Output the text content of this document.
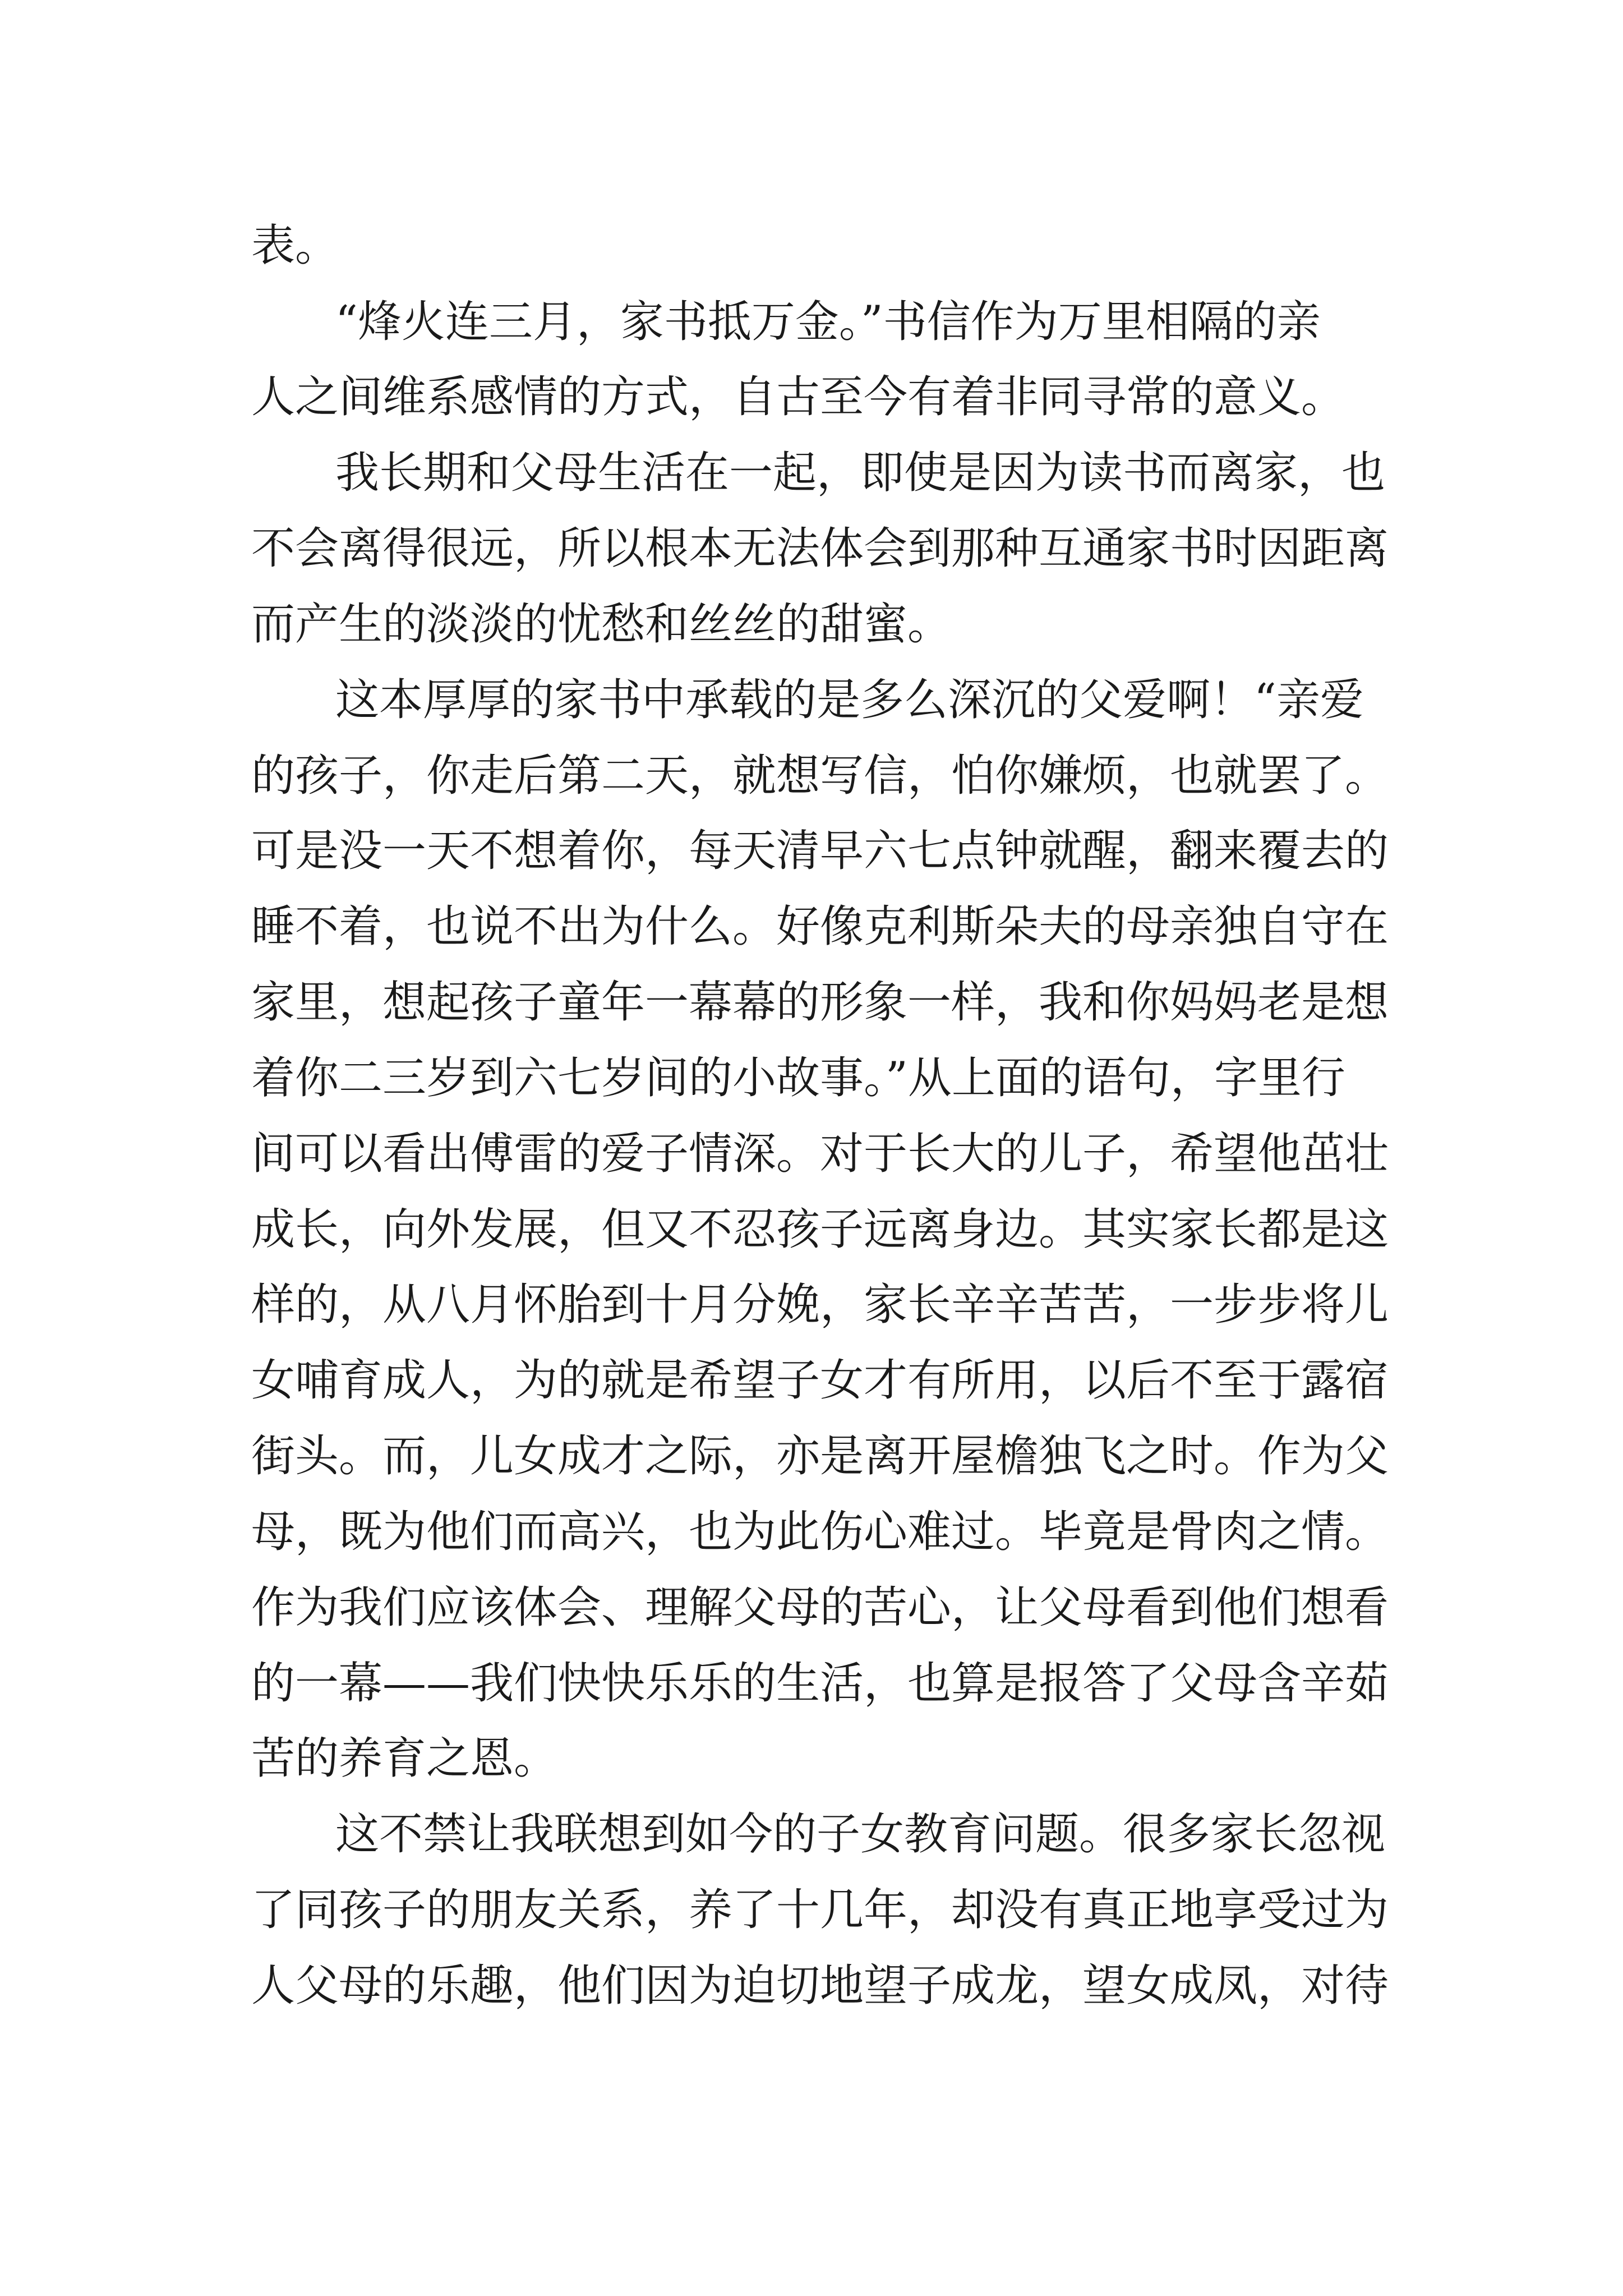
表。
“烽火连三月，家书抵万金。”书信作为万里相隔的亲
人之间维系感情的方式，自古至今有着非同寻常的意义。
我长期和父母生活在一起，即使是因为读书而离家，也
不会离得很远，所以根本无法体会到那种互通家书时因距离
而产生的淡淡的忧愁和丝丝的甜蜜。
这本厚厚的家书中承载的是多么深沉的父爱啊！“亲爱
的孩子，你走后第二天，就想写信，怕你嫌烦，也就罢了。
可是没一天不想着你，每天清早六七点钟就醒，翻来覆去的
睡不着，也说不出为什么。好像克利斯朵夫的母亲独自守在
家里，想起孩子童年一幕幕的形象一样，我和你妈妈老是想
着你二三岁到六七岁间的小故事。”从上面的语句，字里行
间可以看出傅雷的爱子情深。对于长大的儿子，希望他茁壮
成长，向外发展，但又不忍孩子远离身边。其实家长都是这
样的，从八月怀胎到十月分娩，家长辛辛苦苦，一步步将儿
女哺育成人，为的就是希望子女才有所用，以后不至于露宿
街头。而，儿女成才之际，亦是离开屋檐独飞之时。作为父
母，既为他们而高兴，也为此伤心难过。毕竟是骨肉之情。
作为我们应该体会、理解父母的苦心，让父母看到他们想看
的一幕——我们快快乐乐的生活，也算是报答了父母含辛茹
苦的养育之恩。
这不禁让我联想到如今的子女教育问题。很多家长忽视
了同孩子的朋友关系，养了十几年，却没有真正地享受过为
人父母的乐趣，他们因为迫切地望子成龙，望女成凤，对待
